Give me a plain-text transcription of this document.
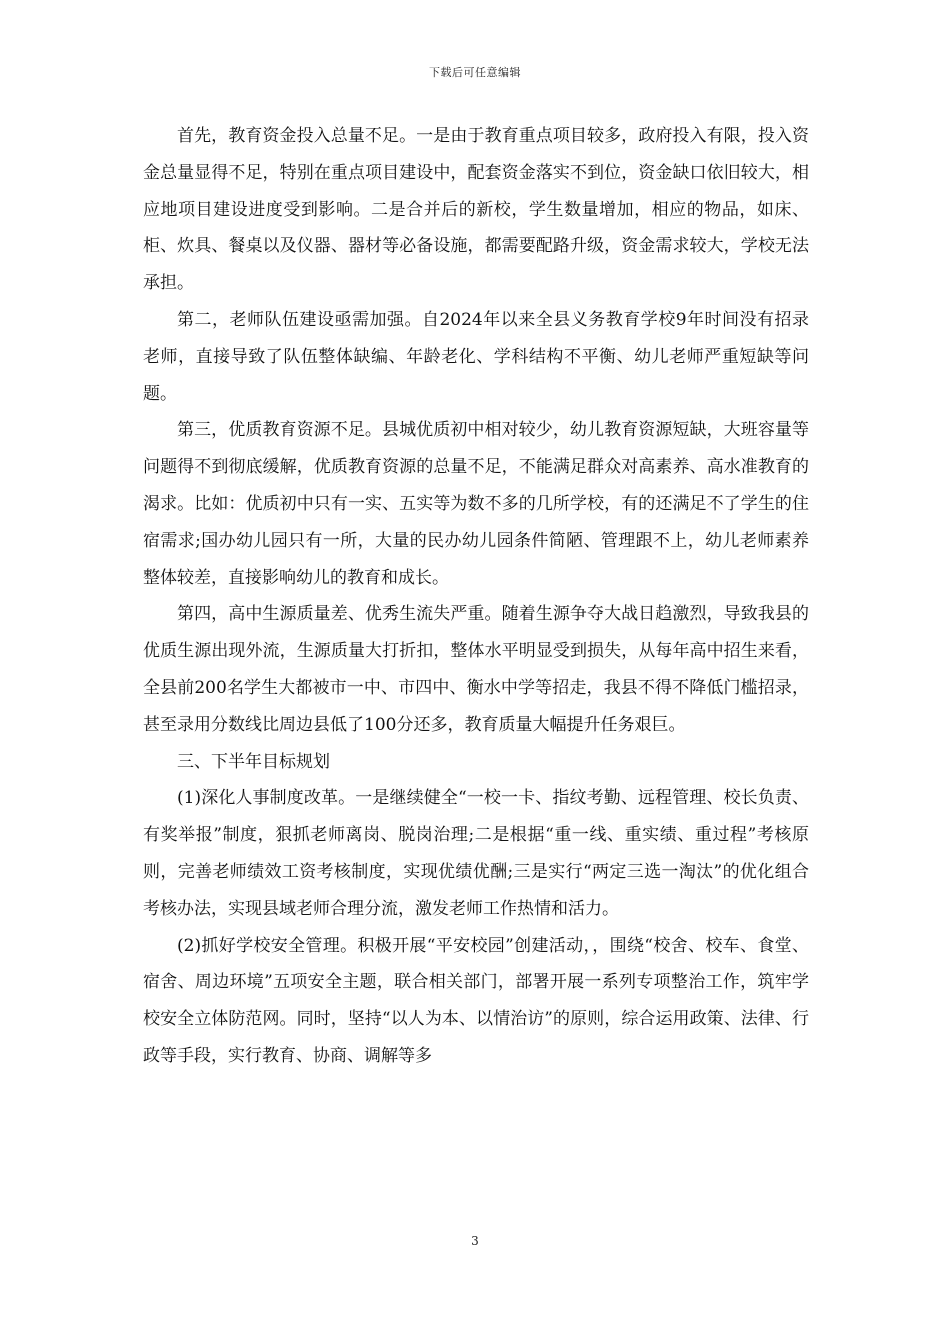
下载后可任意编辑

首先，教育资金投入总量不足。一是由于教育重点项目较多，政府投入有限，投入资金总量显得不足，特别在重点项目建设中，配套资金落实不到位，资金缺口依旧较大，相应地项目建设进度受到影响。二是合并后的新校，学生数量增加，相应的物品，如床、柜、炊具、餐桌以及仪器、器材等必备设施，都需要配路升级，资金需求较大，学校无法承担。

第二，老师队伍建设亟需加强。自2024年以来全县义务教育学校9年时间没有招录老师，直接导致了队伍整体缺编、年龄老化、学科结构不平衡、幼儿老师严重短缺等问题。

第三，优质教育资源不足。县城优质初中相对较少，幼儿教育资源短缺，大班容量等问题得不到彻底缓解，优质教育资源的总量不足，不能满足群众对高素养、高水准教育的渴求。比如：优质初中只有一实、五实等为数不多的几所学校，有的还满足不了学生的住宿需求;国办幼儿园只有一所，大量的民办幼儿园条件简陋、管理跟不上，幼儿老师素养整体较差，直接影响幼儿的教育和成长。

第四，高中生源质量差、优秀生流失严重。随着生源争夺大战日趋激烈，导致我县的优质生源出现外流，生源质量大打折扣，整体水平明显受到损失，从每年高中招生来看，全县前200名学生大都被市一中、市四中、衡水中学等招走，我县不得不降低门槛招录，甚至录用分数线比周边县低了100分还多，教育质量大幅提升任务艰巨。

三、下半年目标规划

(1)深化人事制度改革。一是继续健全“一校一卡、指纹考勤、远程管理、校长负责、有奖举报”制度，狠抓老师离岗、脱岗治理;二是根据“重一线、重实绩、重过程”考核原则，完善老师绩效工资考核制度，实现优绩优酬;三是实行“两定三选一淘汰”的优化组合考核办法，实现县域老师合理分流，激发老师工作热情和活力。

(2)抓好学校安全管理。积极开展“平安校园”创建活动，，围绕“校舍、校车、食堂、宿舍、周边环境”五项安全主题，联合相关部门，部署开展一系列专项整治工作，筑牢学校安全立体防范网。同时，坚持“以人为本、以情治访”的原则，综合运用政策、法律、行政等手段，实行教育、协商、调解等多

3
